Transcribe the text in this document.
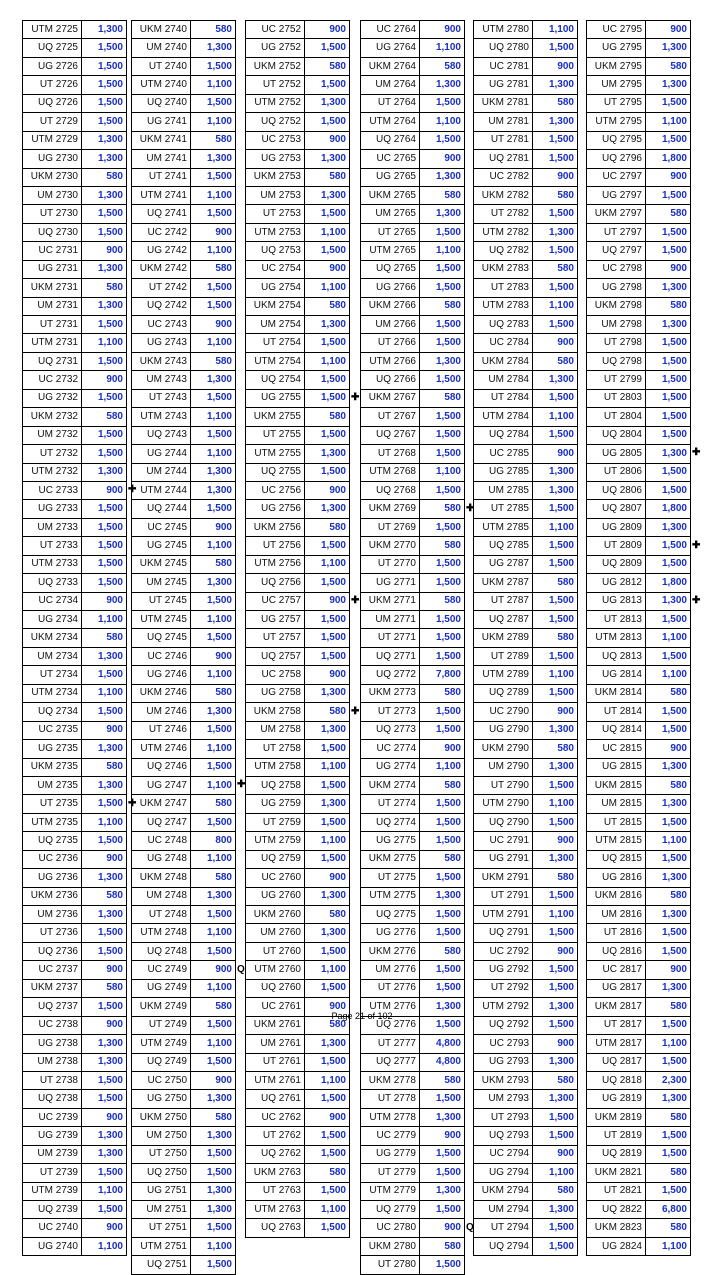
UTM 2725	1,300
UQ 2725	1,500
UG 2726	1,500
UT 2726	1,500
UQ 2726	1,500
UT 2729	1,500
UTM 2729	1,300
UG 2730	1,300
UKM 2730	580
UM 2730	1,300
UT 2730	1,500
UQ 2730	1,500
UC 2731	900
UG 2731	1,300
UKM 2731	580
UM 2731	1,300
UT 2731	1,500
UTM 2731	1,100
UQ 2731	1,500
UC 2732	900
UG 2732	1,500
UKM 2732	580
UM 2732	1,500
UT 2732	1,500
UTM 2732	1,300
UC 2733	900
UG 2733	1,500
UM 2733	1,500
UT 2733	1,500
UTM 2733	1,500
UQ 2733	1,500
UC 2734	900
UG 2734	1,100
UKM 2734	580
UM 2734	1,300
UT 2734	1,500
UTM 2734	1,100
UQ 2734	1,500
UC 2735	900
UG 2735	1,300
UKM 2735	580
UM 2735	1,300
UT 2735	1,500
UTM 2735	1,100
UQ 2735	1,500
UC 2736	900
UG 2736	1,300
UKM 2736	580
UM 2736	1,300
UT 2736	1,500
UQ 2736	1,500
UC 2737	900
UKM 2737	580
UQ 2737	1,500
UC 2738	900
UG 2738	1,300
UM 2738	1,300
UT 2738	1,500
UQ 2738	1,500
UC 2739	900
UG 2739	1,300
UM 2739	1,300
UT 2739	1,500
UTM 2739	1,100
UQ 2739	1,500
UC 2740	900
UG 2740	1,100
UKM 2740	580
UM 2740	1,300
UT 2740	1,500
UTM 2740	1,100
UQ 2740	1,500
UG 2741	1,100
UKM 2741	580
UM 2741	1,300
UT 2741	1,500
UTM 2741	1,100
UQ 2741	1,500
UC 2742	900
UG 2742	1,100
UKM 2742	580
UT 2742	1,500
UQ 2742	1,500
UC 2743	900
UG 2743	1,100
UKM 2743	580
UM 2743	1,300
UT 2743	1,500
UTM 2743	1,100
UQ 2743	1,500
UG 2744	1,100
UM 2744	1,300
UTM 2744	1,300
UQ 2744	1,500
UC 2745	900
UG 2745	1,100
UKM 2745	580
UM 2745	1,300
UT 2745	1,500
UTM 2745	1,100
UQ 2745	1,500
UC 2746	900
UG 2746	1,100
UKM 2746	580
UM 2746	1,300
UT 2746	1,500
UTM 2746	1,100
UQ 2746	1,500
UG 2747	1,100
UKM 2747	580
UQ 2747	1,500
UC 2748	800
UG 2748	1,100
UKM 2748	580
UM 2748	1,300
UT 2748	1,500
UTM 2748	1,100
UQ 2748	1,500
UC 2749	900
UG 2749	1,100
UKM 2749	580
UT 2749	1,500
UTM 2749	1,100
UQ 2749	1,500
UC 2750	900
UG 2750	1,300
UKM 2750	580
UM 2750	1,300
UT 2750	1,500
UQ 2750	1,500
UG 2751	1,300
UM 2751	1,300
UT 2751	1,500
UTM 2751	1,100
UQ 2751	1,500
UC 2752	900
UG 2752	1,500
UKM 2752	580
UT 2752	1,500
UTM 2752	1,300
UQ 2752	1,500
UC 2753	900
UG 2753	1,300
UKM 2753	580
UM 2753	1,300
UT 2753	1,500
UTM 2753	1,100
UQ 2753	1,500
UC 2754	900
UG 2754	1,100
UKM 2754	580
UM 2754	1,300
UT 2754	1,500
UTM 2754	1,100
UQ 2754	1,500
UG 2755	1,500
UKM 2755	580
UT 2755	1,500
UTM 2755	1,300
UQ 2755	1,500
UC 2756	900
UG 2756	1,300
UKM 2756	580
UT 2756	1,500
UTM 2756	1,100
UQ 2756	1,500
UC 2757	900
UG 2757	1,500
UT 2757	1,500
UQ 2757	1,500
UC 2758	900
UG 2758	1,300
UKM 2758	580
UM 2758	1,300
UT 2758	1,500
UTM 2758	1,100
UQ 2758	1,500
UG 2759	1,300
UT 2759	1,500
UTM 2759	1,100
UQ 2759	1,500
UC 2760	900
UG 2760	1,300
UKM 2760	580
UM 2760	1,300
UT 2760	1,500
UTM 2760	1,100
UQ 2760	1,500
UC 2761	900
UKM 2761	580
UM 2761	1,300
UT 2761	1,500
UTM 2761	1,100
UQ 2761	1,500
UC 2762	900
UT 2762	1,500
UQ 2762	1,500
UKM 2763	580
UT 2763	1,500
UTM 2763	1,100
UQ 2763	1,500
UC 2764	900
UG 2764	1,100
UKM 2764	580
UM 2764	1,300
UT 2764	1,500
UTM 2764	1,100
UQ 2764	1,500
UC 2765	900
UG 2765	1,300
UKM 2765	580
UM 2765	1,300
UT 2765	1,500
UTM 2765	1,100
UQ 2765	1,500
UG 2766	1,500
UKM 2766	580
UM 2766	1,500
UT 2766	1,500
UTM 2766	1,300
UQ 2766	1,500
UKM 2767	580
UT 2767	1,500
UQ 2767	1,500
UT 2768	1,500
UTM 2768	1,100
UQ 2768	1,500
UKM 2769	580
UT 2769	1,500
UKM 2770	580
UT 2770	1,500
UG 2771	1,500
UKM 2771	580
UM 2771	1,500
UT 2771	1,500
UQ 2771	1,500
UQ 2772	7,800
UKM 2773	580
UT 2773	1,500
UQ 2773	1,500
UC 2774	900
UG 2774	1,100
UKM 2774	580
UT 2774	1,500
UQ 2774	1,500
UG 2775	1,500
UKM 2775	580
UT 2775	1,500
UTM 2775	1,300
UQ 2775	1,500
UG 2776	1,500
UKM 2776	580
UM 2776	1,500
UT 2776	1,500
UTM 2776	1,300
UQ 2776	1,500
UT 2777	4,800
UQ 2777	4,800
UKM 2778	580
UT 2778	1,500
UTM 2778	1,300
UC 2779	900
UG 2779	1,500
UT 2779	1,500
UTM 2779	1,300
UQ 2779	1,500
UC 2780	900
UKM 2780	580
UT 2780	1,500
UTM 2780	1,100
UQ 2780	1,500
UC 2781	900
UG 2781	1,300
UKM 2781	580
UM 2781	1,300
UT 2781	1,500
UQ 2781	1,500
UC 2782	900
UKM 2782	580
UT 2782	1,500
UTM 2782	1,300
UQ 2782	1,500
UKM 2783	580
UT 2783	1,500
UTM 2783	1,100
UQ 2783	1,500
UC 2784	900
UKM 2784	580
UM 2784	1,300
UT 2784	1,500
UTM 2784	1,100
UQ 2784	1,500
UC 2785	900
UG 2785	1,300
UM 2785	1,300
UT 2785	1,500
UTM 2785	1,100
UQ 2785	1,500
UG 2787	1,500
UKM 2787	580
UT 2787	1,500
UQ 2787	1,500
UKM 2789	580
UT 2789	1,500
UTM 2789	1,100
UQ 2789	1,500
UC 2790	900
UG 2790	1,300
UKM 2790	580
UM 2790	1,300
UT 2790	1,500
UTM 2790	1,100
UQ 2790	1,500
UC 2791	900
UG 2791	1,300
UKM 2791	580
UT 2791	1,500
UTM 2791	1,100
UQ 2791	1,500
UC 2792	900
UG 2792	1,500
UT 2792	1,500
UTM 2792	1,300
UQ 2792	1,500
UC 2793	900
UG 2793	1,300
UKM 2793	580
UM 2793	1,300
UT 2793	1,500
UQ 2793	1,500
UC 2794	900
UG 2794	1,100
UKM 2794	580
UM 2794	1,300
UT 2794	1,500
UQ 2794	1,500
UC 2795	900
UG 2795	1,300
UKM 2795	580
UM 2795	1,300
UT 2795	1,500
UTM 2795	1,100
UQ 2795	1,500
UQ 2796	1,800
UC 2797	900
UG 2797	1,500
UKM 2797	580
UT 2797	1,500
UQ 2797	1,500
UC 2798	900
UG 2798	1,300
UKM 2798	580
UM 2798	1,300
UT 2798	1,500
UQ 2798	1,500
UT 2799	1,500
UT 2803	1,500
UT 2804	1,500
UQ 2804	1,500
UG 2805	1,300
UT 2806	1,500
UQ 2806	1,500
UQ 2807	1,800
UG 2809	1,300
UT 2809	1,500
UQ 2809	1,500
UG 2812	1,800
UG 2813	1,300
UT 2813	1,500
UTM 2813	1,100
UQ 2813	1,500
UG 2814	1,100
UKM 2814	580
UT 2814	1,500
UQ 2814	1,500
UC 2815	900
UG 2815	1,300
UKM 2815	580
UM 2815	1,300
UT 2815	1,500
UTM 2815	1,100
UQ 2815	1,500
UG 2816	1,300
UKM 2816	580
UM 2816	1,300
UT 2816	1,500
UQ 2816	1,500
UC 2817	900
UG 2817	1,300
UKM 2817	580
UT 2817	1,500
UTM 2817	1,100
UQ 2817	1,500
UQ 2818	2,300
UG 2819	1,300
UKM 2819	580
UT 2819	1,500
UQ 2819	1,500
UKM 2821	580
UT 2821	1,500
UQ 2822	6,800
UKM 2823	580
UG 2824	1,100
✚
✚
✚
Q
✚
✚
✚
✚
Q
✚
✚
✚
Page 21 of 102
